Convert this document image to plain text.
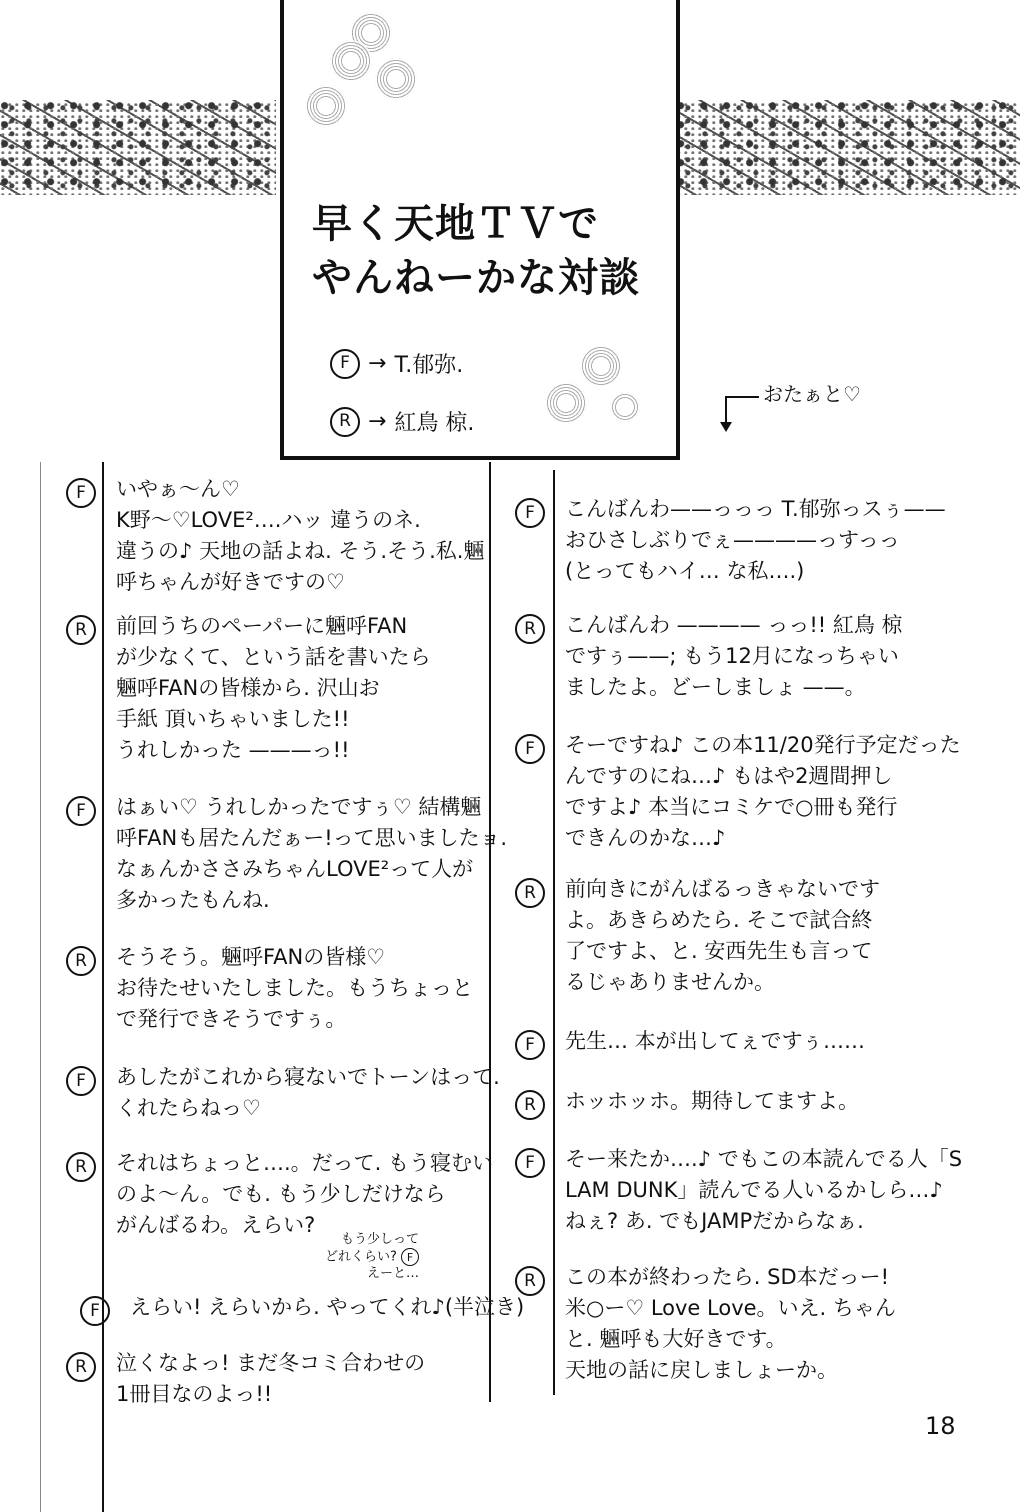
早く天地ＴＶで
やんねーかな対談
F → T.郁弥.
R → 紅鳥 椋.
おたぁと♡
F	いやぁ〜ん♡
K野〜♡LOVE²….ハッ 違うのネ.
違うの♪ 天地の話よね. そう.そう.私.魎
呼ちゃんが好きですの♡
R	前回うちのペーパーに魎呼FAN
が少なくて、という話を書いたら
魎呼FANの皆様から. 沢山お
手紙 頂いちゃいました!!
うれしかった ———っ!!
F	はぁい♡ うれしかったですぅ♡ 結構魎
呼FANも居たんだぁー!って思いましたョ.
なぁんかささみちゃんLOVE²って人が
多かったもんね.
R	そうそう。魎呼FANの皆様♡
お待たせいたしました。もうちょっと
で発行できそうですぅ。
F	あしたがこれから寝ないでトーンはって.
くれたらねっ♡
R	それはちょっと….。だって. もう寝むい
のよ〜ん。でも. もう少しだけなら
がんばるわ。えらい?
F	えらい! えらいから. やってくれ♪(半泣き)
R	泣くなよっ! まだ冬コミ合わせの
1冊目なのよっ!!
もう少しって
どれくらい? F
えーと…
F	こんばんわ——っっっ T.郁弥っスぅ——
おひさしぶりでぇ————っすっっ
(とってもハイ… な私….)
R	こんばんわ ———— っっ!! 紅鳥 椋
ですぅ——; もう12月になっちゃい
ましたよ。どーしましょ ——。
F	そーですね♪ この本11/20発行予定だった
んですのにね…♪ もはや2週間押し
ですよ♪ 本当にコミケで○冊も発行
できんのかな…♪
R	前向きにがんばるっきゃないです
よ。あきらめたら. そこで試合終
了ですよ、と. 安西先生も言って
るじゃありませんか。
F	先生… 本が出してぇですぅ……
R	ホッホッホ。期待してますよ。
F	そー来たか….♪ でもこの本読んでる人「S
LAM DUNK」読んでる人いるかしら…♪
ねぇ? あ. でもJAMPだからなぁ.
R	この本が終わったら. SD本だっー!
米○ー♡ Love Love。いえ. ちゃん
と. 魎呼も大好きです。
天地の話に戻しましょーか。
18
